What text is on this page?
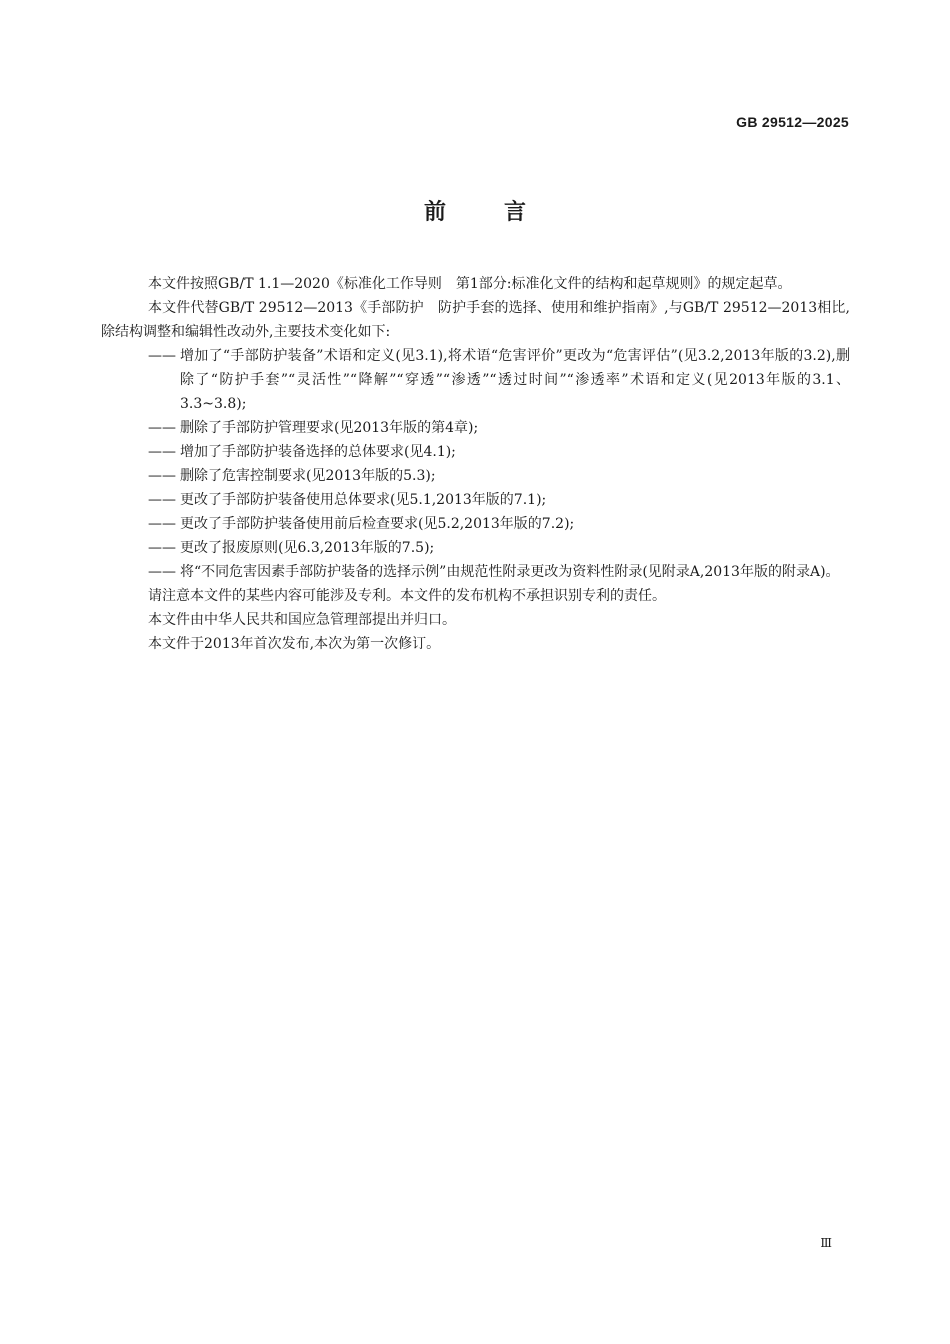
GB 29512—2025
前言

本文件按照GB/T 1.1—2020《标准化工作导则　第1部分:标准化文件的结构和起草规则》的规定起草。

本文件代替GB/T 29512—2013《手部防护　防护手套的选择、使用和维护指南》,与GB/T 29512—2013相比,除结构调整和编辑性改动外,主要技术变化如下:

—— 增加了“手部防护装备”术语和定义(见3.1),将术语“危害评价”更改为“危害评估”(见3.2,2013年版的3.2),删除了“防护手套”“灵活性”“降解”“穿透”“渗透”“透过时间”“渗透率”术语和定义(见2013年版的3.1、3.3~3.8);
—— 删除了手部防护管理要求(见2013年版的第4章);
—— 增加了手部防护装备选择的总体要求(见4.1);
—— 删除了危害控制要求(见2013年版的5.3);
—— 更改了手部防护装备使用总体要求(见5.1,2013年版的7.1);
—— 更改了手部防护装备使用前后检查要求(见5.2,2013年版的7.2);
—— 更改了报废原则(见6.3,2013年版的7.5);
—— 将“不同危害因素手部防护装备的选择示例”由规范性附录更改为资料性附录(见附录A,2013年版的附录A)。

请注意本文件的某些内容可能涉及专利。本文件的发布机构不承担识别专利的责任。

本文件由中华人民共和国应急管理部提出并归口。

本文件于2013年首次发布,本次为第一次修订。

Ⅲ
